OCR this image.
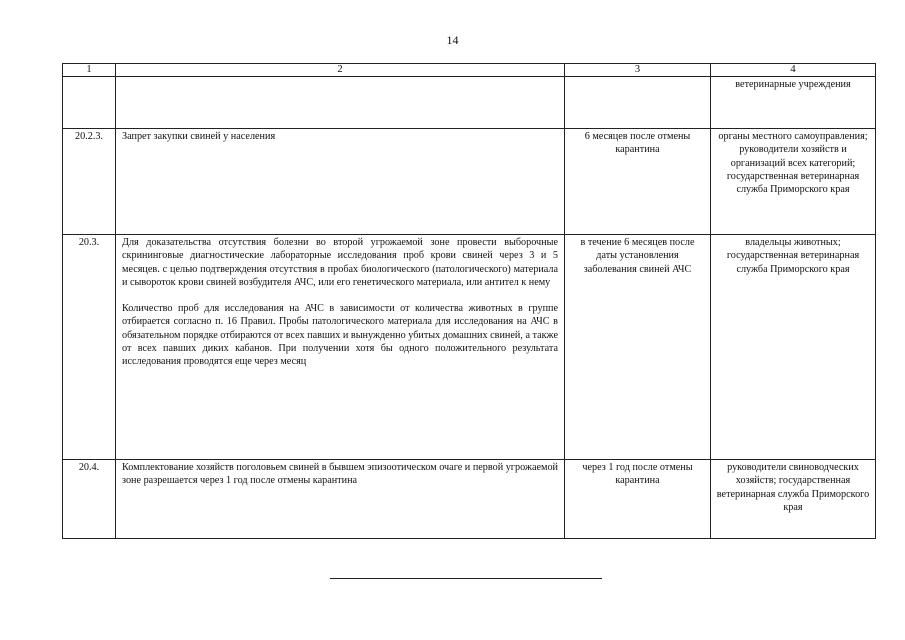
14
1	2	3	4

		ветеринарные учреждения
20.2.3.	Запрет закупки свиней у населения	6 месяцев после отмены карантина	органы местного самоуправления; руководители хозяйств и организаций всех категорий; государственная ветеринарная служба Приморского края
20.3.	Для доказательства отсутствия болезни во второй угрожаемой зоне провести выборочные скрининговые диагностические лабораторные исследования проб крови свиней через 3 и 5 месяцев. с целью подтверждения отсутствия в пробах биологического (патологического) материала и сывороток крови свиней возбудителя АЧС, или его генетического материала, или антител к нему

Количество проб для исследования на АЧС в зависимости от количества животных в группе отбирается согласно п. 16 Правил. Пробы патологического материала для исследования на АЧС в обязательном порядке отбираются от всех павших и вынужденно убитых домашних свиней, а также от всех павших диких кабанов. При получении хотя бы одного положительного результата исследования проводятся еще через месяц	в течение 6 месяцев после даты установления заболевания свиней АЧС	владельцы животных; государственная ветеринарная служба Приморского края
20.4.	Комплектование хозяйств поголовьем свиней в бывшем эпизоотическом очаге и первой угрожаемой зоне разрешается через 1 год после отмены карантина	через 1 год после отмены карантина	руководители свиноводческих хозяйств; государственная ветеринарная служба Приморского края
